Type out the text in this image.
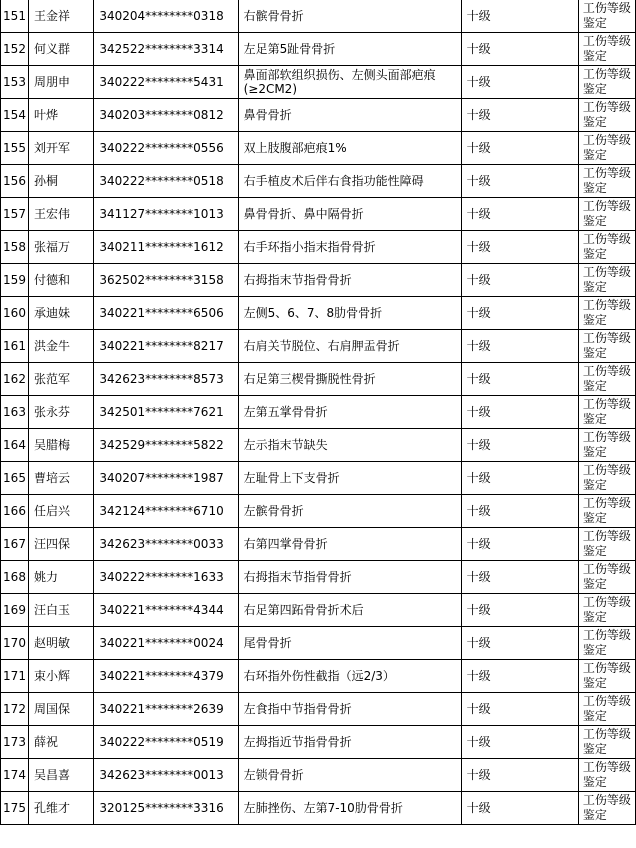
151	王金祥	340204********0318	右髌骨骨折	十级	工伤等级鉴定
152	何义群	342522********3314	左足第5趾骨骨折	十级	工伤等级鉴定
153	周朋申	340222********5431	鼻面部软组织损伤、左侧头面部疤痕(≥2CM2)	十级	工伤等级鉴定
154	叶烨	340203********0812	鼻骨骨折	十级	工伤等级鉴定
155	刘开军	340222********0556	双上肢腹部疤痕1%	十级	工伤等级鉴定
156	孙桐	340222********0518	右手植皮术后伴右食指功能性障碍	十级	工伤等级鉴定
157	王宏伟	341127********1013	鼻骨骨折、鼻中隔骨折	十级	工伤等级鉴定
158	张福万	340211********1612	右手环指小指末指骨骨折	十级	工伤等级鉴定
159	付德和	362502********3158	右拇指末节指骨骨折	十级	工伤等级鉴定
160	承迪妹	340221********6506	左侧5、6、7、8肋骨骨折	十级	工伤等级鉴定
161	洪金牛	340221********8217	右肩关节脱位、右肩胛盂骨折	十级	工伤等级鉴定
162	张范军	342623********8573	右足第三楔骨撕脱性骨折	十级	工伤等级鉴定
163	张永芬	342501********7621	左第五掌骨骨折	十级	工伤等级鉴定
164	吴腊梅	342529********5822	左示指末节缺失	十级	工伤等级鉴定
165	曹培云	340207********1987	左耻骨上下支骨折	十级	工伤等级鉴定
166	任启兴	342124********6710	左髌骨骨折	十级	工伤等级鉴定
167	汪四保	342623********0033	右第四掌骨骨折	十级	工伤等级鉴定
168	姚力	340222********1633	右拇指末节指骨骨折	十级	工伤等级鉴定
169	汪白玉	340221********4344	右足第四跖骨骨折术后	十级	工伤等级鉴定
170	赵明敏	340221********0024	尾骨骨折	十级	工伤等级鉴定
171	束小辉	340221********4379	右环指外伤性截指（远2/3）	十级	工伤等级鉴定
172	周国保	340221********2639	左食指中节指骨骨折	十级	工伤等级鉴定
173	薛祝	340222********0519	左拇指近节指骨骨折	十级	工伤等级鉴定
174	吴昌喜	342623********0013	左锁骨骨折	十级	工伤等级鉴定
175	孔维才	320125********3316	左肺挫伤、左第7-10肋骨骨折	十级	工伤等级鉴定
